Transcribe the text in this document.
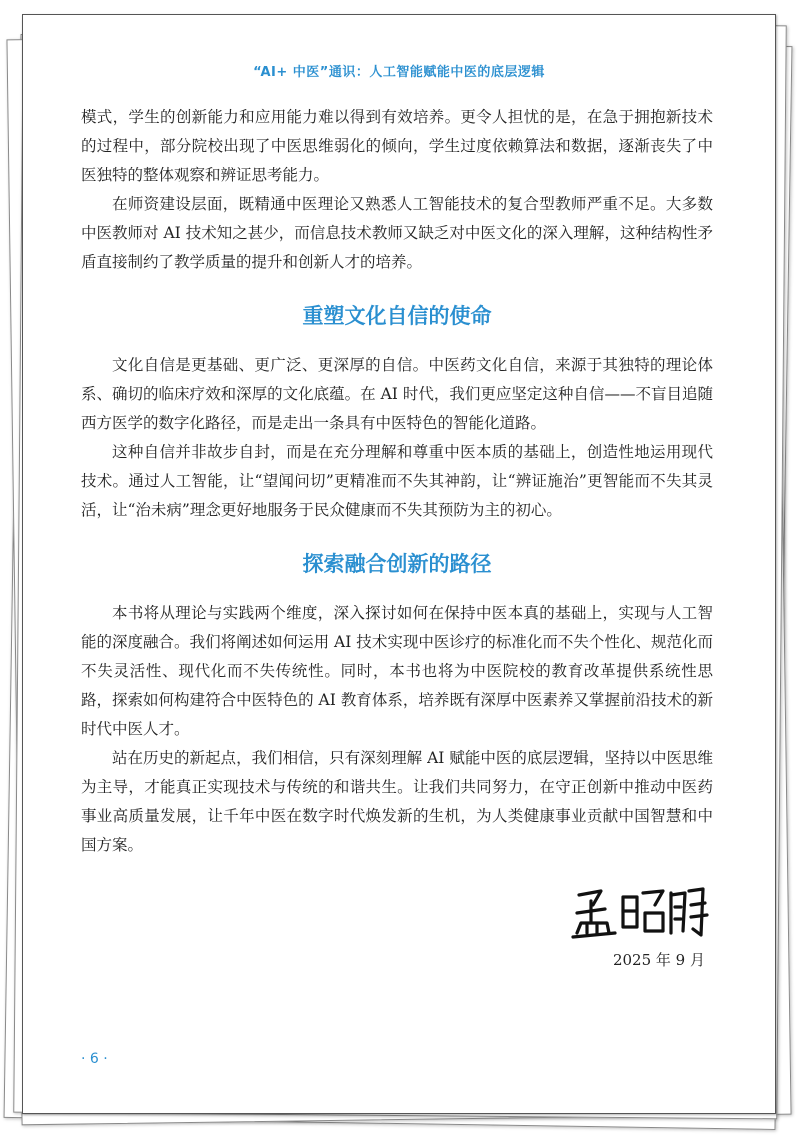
“AI+ 中医”通识：人工智能赋能中医的底层逻辑

模式，学生的创新能力和应用能力难以得到有效培养。更令人担忧的是，在急于拥抱新技术的过程中，部分院校出现了中医思维弱化的倾向，学生过度依赖算法和数据，逐渐丧失了中医独特的整体观察和辨证思考能力。

在师资建设层面，既精通中医理论又熟悉人工智能技术的复合型教师严重不足。大多数中医教师对 AI 技术知之甚少，而信息技术教师又缺乏对中医文化的深入理解，这种结构性矛盾直接制约了教学质量的提升和创新人才的培养。

重塑文化自信的使命

文化自信是更基础、更广泛、更深厚的自信。中医药文化自信，来源于其独特的理论体系、确切的临床疗效和深厚的文化底蕴。在 AI 时代，我们更应坚定这种自信——不盲目追随西方医学的数字化路径，而是走出一条具有中医特色的智能化道路。

这种自信并非故步自封，而是在充分理解和尊重中医本质的基础上，创造性地运用现代技术。通过人工智能，让“望闻问切”更精准而不失其神韵，让“辨证施治”更智能而不失其灵活，让“治未病”理念更好地服务于民众健康而不失其预防为主的初心。

探索融合创新的路径

本书将从理论与实践两个维度，深入探讨如何在保持中医本真的基础上，实现与人工智能的深度融合。我们将阐述如何运用 AI 技术实现中医诊疗的标准化而不失个性化、规范化而不失灵活性、现代化而不失传统性。同时，本书也将为中医院校的教育改革提供系统性思路，探索如何构建符合中医特色的 AI 教育体系，培养既有深厚中医素养又掌握前沿技术的新时代中医人才。

站在历史的新起点，我们相信，只有深刻理解 AI 赋能中医的底层逻辑，坚持以中医思维为主导，才能真正实现技术与传统的和谐共生。让我们共同努力，在守正创新中推动中医药事业高质量发展，让千年中医在数字时代焕发新的生机，为人类健康事业贡献中国智慧和中国方案。

2025 年 9 月
· 6 ·
